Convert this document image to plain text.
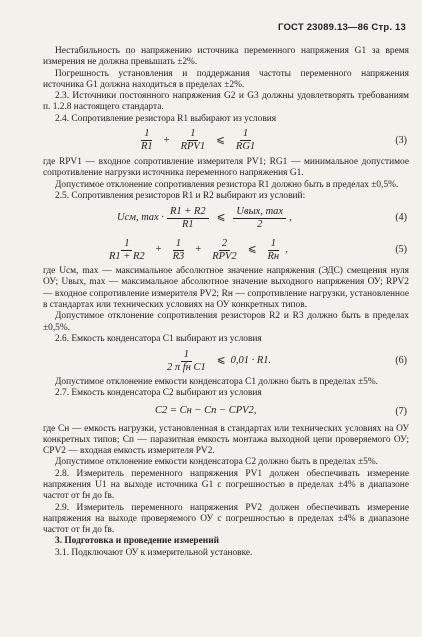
ГОСТ 23089.13—86 Стр. 13

Нестабильность по напряжению источника переменного напряжения G1 за время измерения не должна превышать ±2%.

Погрешность установления и поддержания частоты переменного напряжения источника G1 должна находиться в пределах ±2%.

2.3. Источники постоянного напряжения G2 и G3 должны удовлетворять требованиям п. 1.2.8 настоящего стандарта.

2.4. Сопротивление резистора R1 выбирают из условия

$\frac{1}{R1} + \frac{1}{\text{RPV1}}$ ⩽ $\frac{1}{RG1}$	(3)

где RPV1 — входное сопротивление измерителя PV1; RG1 — минимальное допустимое сопротивление нагрузки источника переменного напряжения G1.

Допустимое отклонение сопротивления резистора R1 должно быть в пределах ±0,5%.

2.5. Сопротивления резисторов R1 и R2 выбирают из условий:

Uсм, $\max \cdot \frac{R1 + R2}{R1}$ ⩽ $\frac{\text{Uвых, max}}{2}$ ,	(4)
$\frac{1}{R1 + R2} + \frac{1}{R3} + \frac{2}{\text{RPV2}}$ ⩽ $\frac{1}{Rн}$ ,	(5)

где Uсм, max — максимальное абсолютное значение напряжения (ЭДС) смещения нуля ОУ; Uвых, max — максимальное абсолютное значение выходного напряжения ОУ; RPV2 — входное сопротивление измерителя PV2; Rн — сопротивление нагрузки, установленное в стандартах или технических условиях на ОУ конкретных типов.

Допустимое отклонение сопротивления резисторов R2 и R3 должно быть в пределах ±0,5%.

2.6. Емкость конденсатора C1 выбирают из условия

$\frac{1}{\text{2 π fн C1}}$ ⩽ 0,01 · R1.	(6)

Допустимое отклонение емкости конденсатора C1 должно быть в пределах ±5%.

2.7. Емкость конденсатора C2 выбирают из условия

C2 = Cн − Cп − CPV2,	(7)

где Cн — емкость нагрузки, установленная в стандартах или технических условиях на ОУ конкретных типов; Cп — паразитная емкость монтажа выходной цепи проверяемого ОУ; CPV2 — входная емкость измерителя PV2.

Допустимое отклонение емкости конденсатора C2 должно быть в пределах ±5%.

2.8. Измеритель переменного напряжения PV1 должен обеспечивать измерение напряжения U1 на выходе источника G1 с погрешностью в пределах ±4% в диапазоне частот от fн до fв.

2.9. Измеритель переменного напряжения PV2 должен обеспечивать измерение напряжения на выходе проверяемого ОУ с погрешностью в пределах ±4% в диапазоне частот от fн до fв.

3. Подготовка и проведение измерений

3.1. Подключают ОУ к измерительной установке.
